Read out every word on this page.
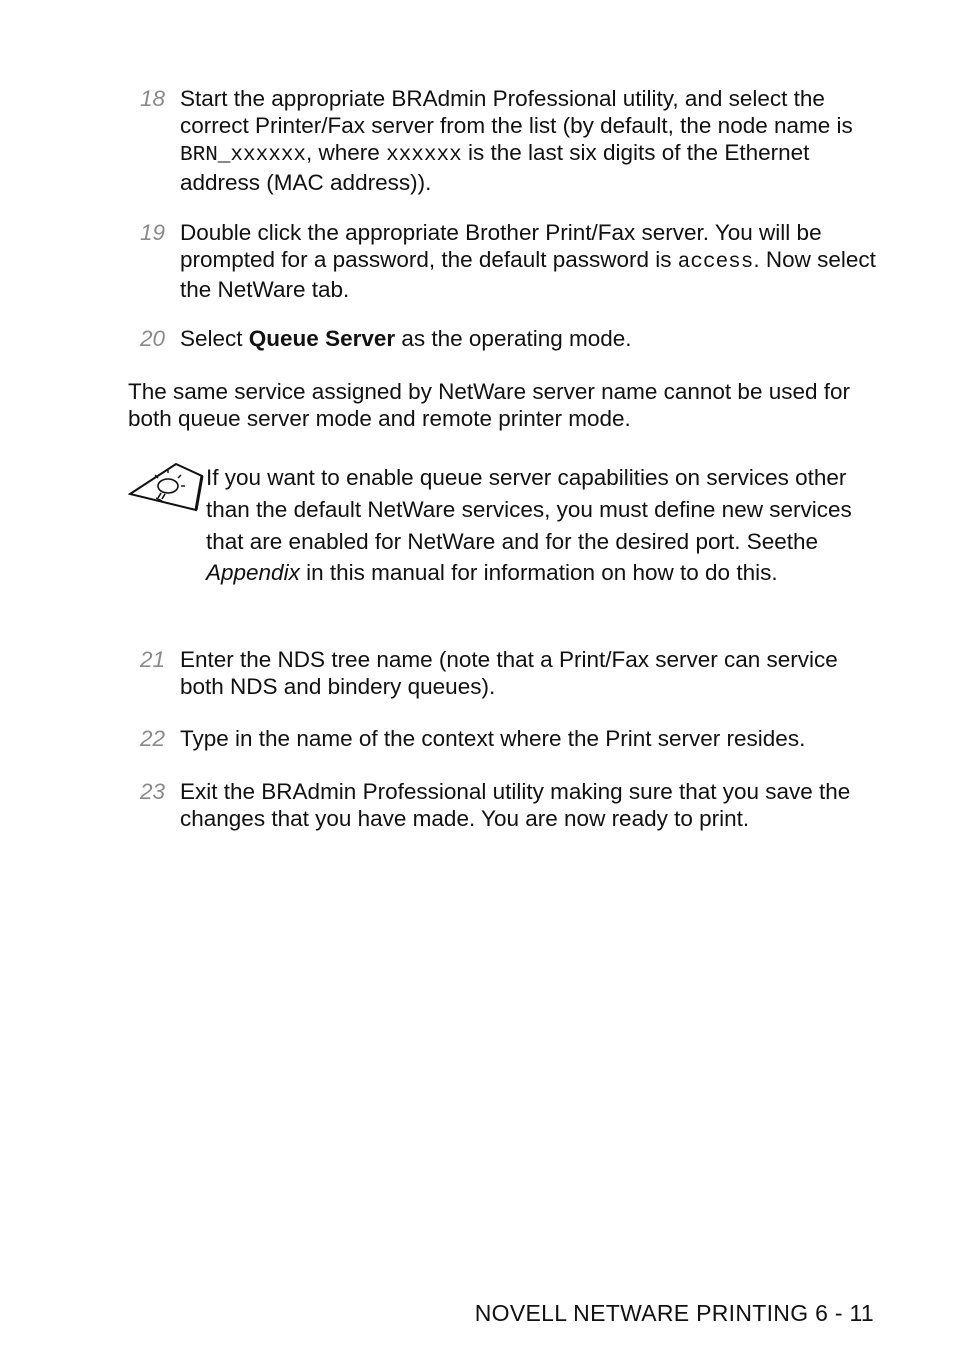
18 Start the appropriate BRAdmin Professional utility, and select the correct Printer/Fax server from the list (by default, the node name is BRN_xxxxxx, where xxxxxx is the last six digits of the Ethernet address (MAC address)).
19 Double click the appropriate Brother Print/Fax server. You will be prompted for a password, the default password is access. Now select the NetWare tab.
20 Select Queue Server as the operating mode.
The same service assigned by NetWare server name cannot be used for both queue server mode and remote printer mode.
If you want to enable queue server capabilities on services other than the default NetWare services, you must define new services that are enabled for NetWare and for the desired port. Seethe Appendix in this manual for information on how to do this.
21 Enter the NDS tree name (note that a Print/Fax server can service both NDS and bindery queues).
22 Type in the name of the context where the Print server resides.
23 Exit the BRAdmin Professional utility making sure that you save the changes that you have made. You are now ready to print.
NOVELL NETWARE PRINTING 6 - 11
